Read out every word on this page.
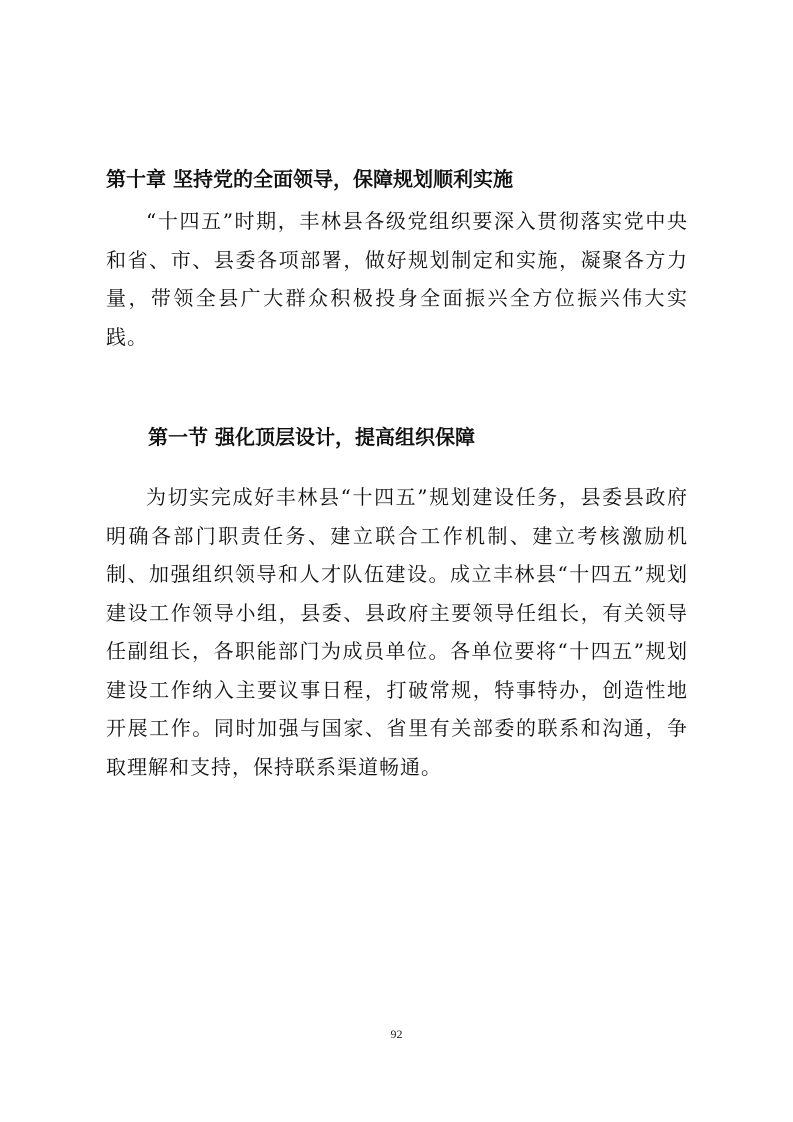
第十章 坚持党的全面领导，保障规划顺利实施

“十四五”时期，丰林县各级党组织要深入贯彻落实党中央和省、市、县委各项部署，做好规划制定和实施，凝聚各方力量，带领全县广大群众积极投身全面振兴全方位振兴伟大实践。

第一节 强化顶层设计，提高组织保障

为切实完成好丰林县“十四五”规划建设任务，县委县政府明确各部门职责任务、建立联合工作机制、建立考核激励机制、加强组织领导和人才队伍建设。成立丰林县“十四五”规划建设工作领导小组，县委、县政府主要领导任组长，有关领导任副组长，各职能部门为成员单位。各单位要将“十四五”规划建设工作纳入主要议事日程，打破常规，特事特办，创造性地开展工作。同时加强与国家、省里有关部委的联系和沟通，争取理解和支持，保持联系渠道畅通。

92
